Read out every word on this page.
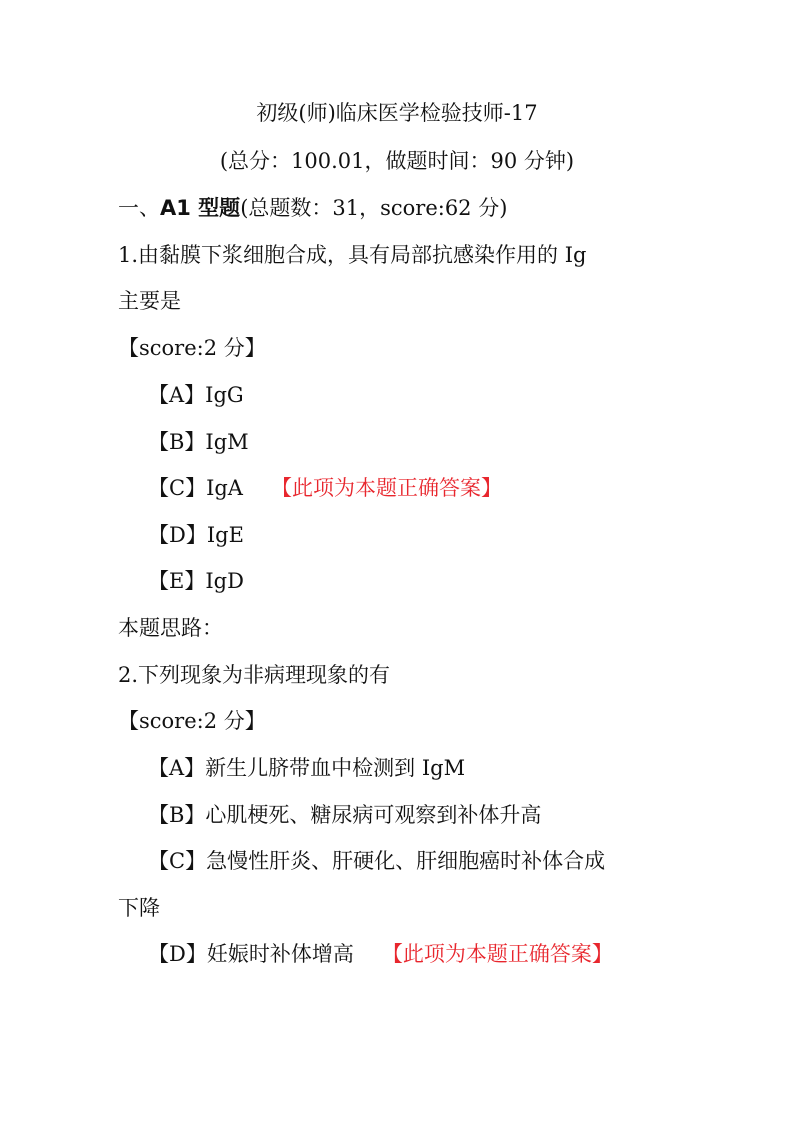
初级(师)临床医学检验技师-17
(总分：100.01，做题时间：90 分钟)
一、A1 型题(总题数：31，score:62 分)
1.由黏膜下浆细胞合成，具有局部抗感染作用的 Ig
主要是
【score:2 分】
【A】IgG
【B】IgM
【C】IgA 【此项为本题正确答案】
【D】IgE
【E】IgD
本题思路：
2.下列现象为非病理现象的有
【score:2 分】
【A】新生儿脐带血中检测到 IgM
【B】心肌梗死、糖尿病可观察到补体升高
【C】急慢性肝炎、肝硬化、肝细胞癌时补体合成
下降
【D】妊娠时补体增高 【此项为本题正确答案】
